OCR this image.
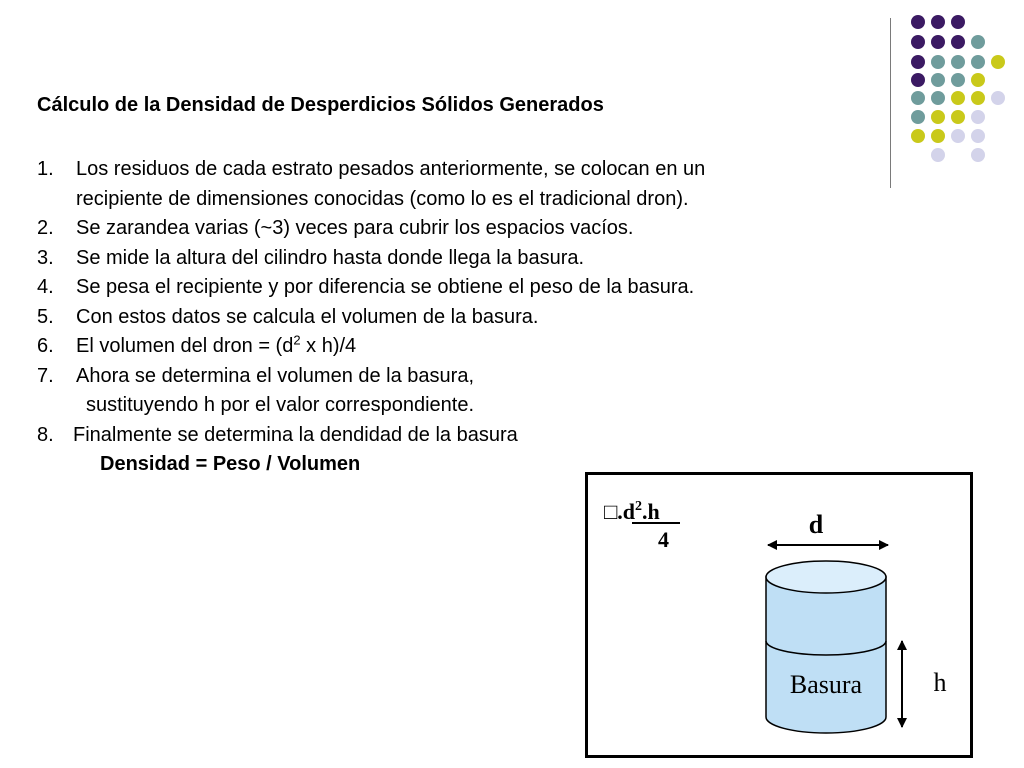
Cálculo de la Densidad de Desperdicios Sólidos Generados
1.	Los residuos de cada estrato pesados anteriormente, se colocan en un
recipiente de dimensiones conocidas (como lo es el tradicional dron).
2.	Se zarandea varias (~3) veces para cubrir los espacios vacíos.
3.	Se mide la altura del cilindro hasta donde llega la basura.
4.	Se pesa el recipiente y por diferencia se obtiene el peso de la basura.
5.	Con estos datos se calcula el volumen de la basura.
6.	El volumen del dron = ($d^2$ x h)/4
7.	Ahora se determina el volumen de la basura,
sustituyendo h por el valor correspondiente.
8. Finalmente se determina la dendidad de la basura
Densidad = Peso / Volumen
$□.d^2.h$
4
d
Basura	h
